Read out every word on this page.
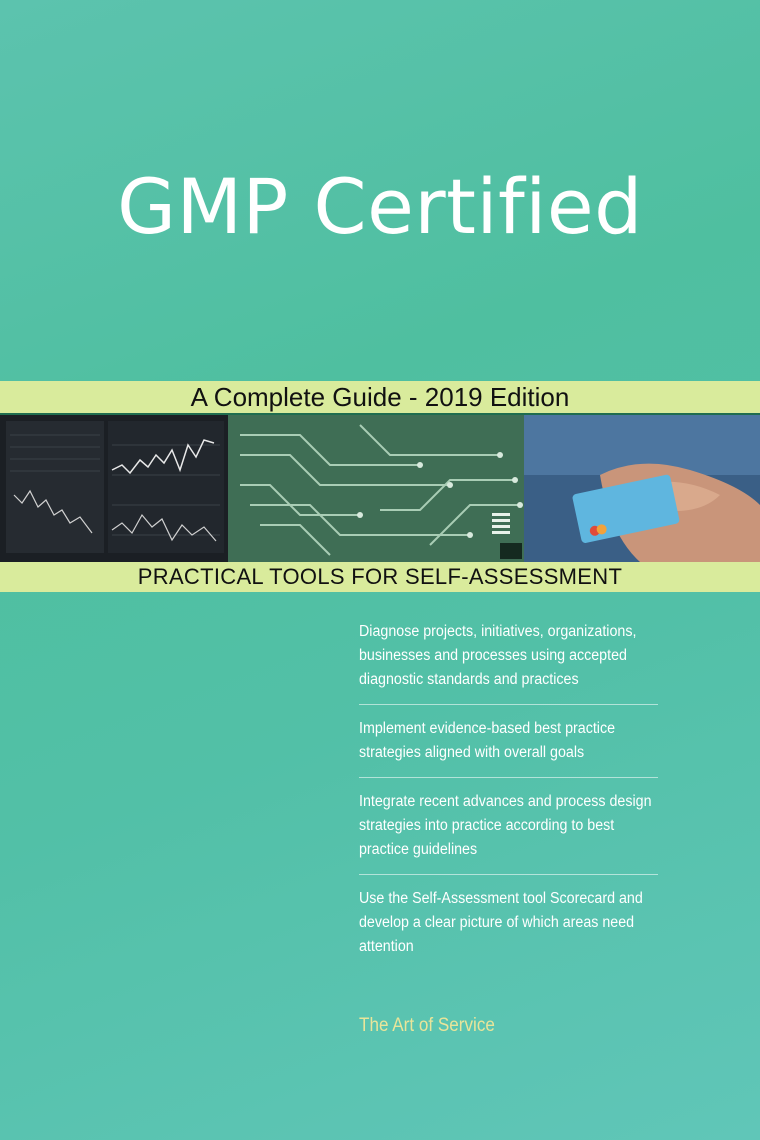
GMP Certified
A Complete Guide - 2019 Edition
PRACTICAL TOOLS FOR SELF-ASSESSMENT
Diagnose projects, initiatives, organizations, businesses and processes using accepted diagnostic standards and practices
Implement evidence-based best practice strategies aligned with overall goals
Integrate recent advances and process design strategies into practice according to best practice guidelines
Use the Self-Assessment tool Scorecard and develop a clear picture of which areas need attention
The Art of Service
